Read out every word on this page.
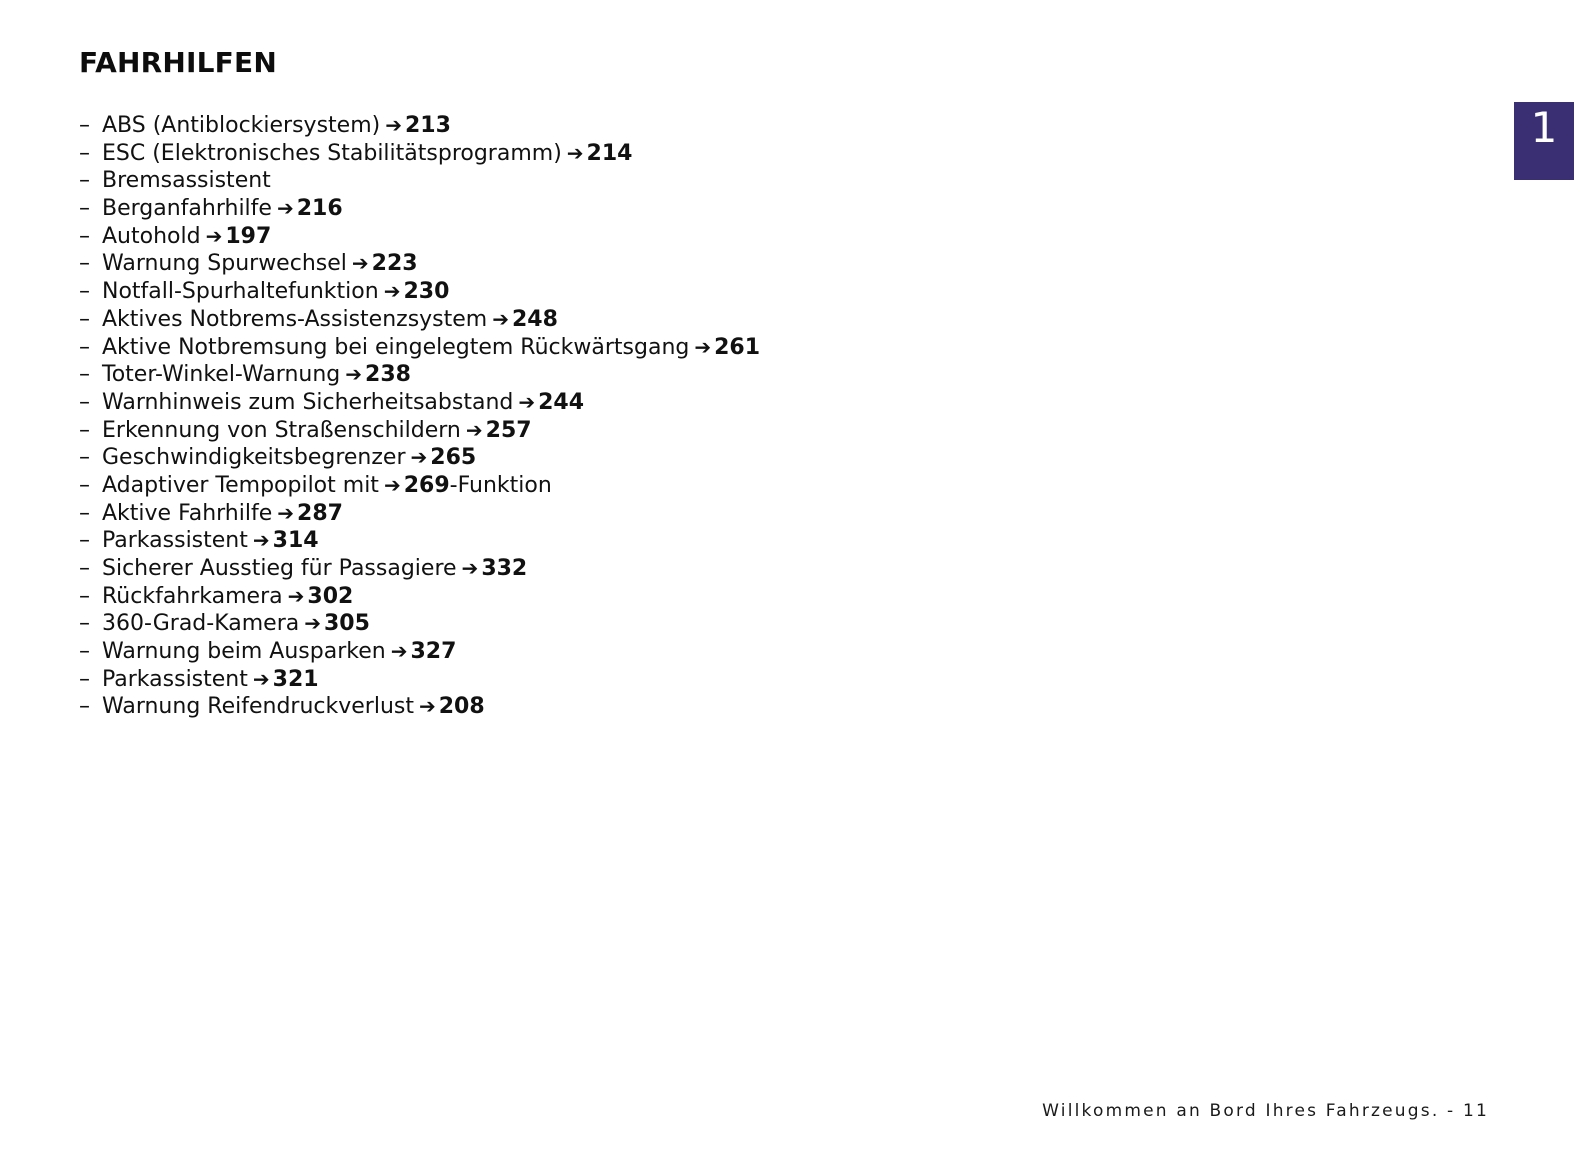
FAHRHILFEN
– ABS (Antiblockiersystem) ➔ 213
– ESC (Elektronisches Stabilitätsprogramm) ➔ 214
– Bremsassistent
– Berganfahrhilfe ➔ 216
– Autohold ➔ 197
– Warnung Spurwechsel ➔ 223
– Notfall-Spurhaltefunktion ➔ 230
– Aktives Notbrems-Assistenzsystem ➔ 248
– Aktive Notbremsung bei eingelegtem Rückwärtsgang ➔ 261
– Toter-Winkel-Warnung ➔ 238
– Warnhinweis zum Sicherheitsabstand ➔ 244
– Erkennung von Straßenschildern ➔ 257
– Geschwindigkeitsbegrenzer ➔ 265
– Adaptiver Tempopilot mit ➔ 269 -Funktion
– Aktive Fahrhilfe ➔ 287
– Parkassistent ➔ 314
– Sicherer Ausstieg für Passagiere ➔ 332
– Rückfahrkamera ➔ 302
– 360-Grad-Kamera ➔ 305
– Warnung beim Ausparken ➔ 327
– Parkassistent ➔ 321
– Warnung Reifendruckverlust ➔ 208
1
Willkommen an Bord Ihres Fahrzeugs. - 11
